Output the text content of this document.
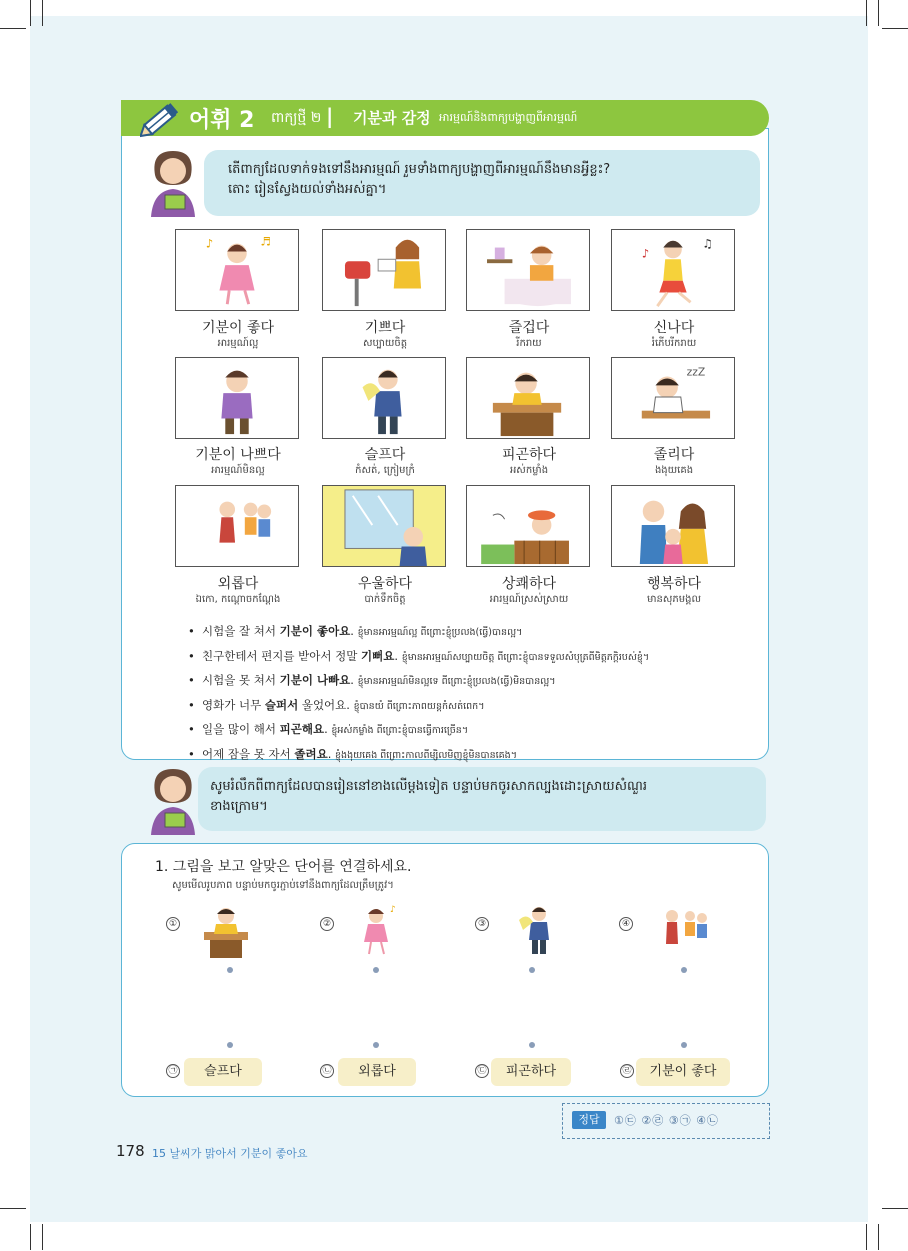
어휘 2 ពាក្យថ្មី ២ | 기분과 감정 អារម្មណ៍និងពាក្យបង្ហាញពីអារម្មណ៍
តើពាក្យដែលទាក់ទងទៅនឹងអារម្មណ៍ រួមទាំងពាក្យបង្ហាញពីអារម្មណ៍នឹងមានអ្វីខ្លះ?
តោះ រៀនស្វែងយល់ទាំងអស់គ្នា។
♪	♬
♪
♫
zzZ
기분이 좋다
អារម្មណ៍ល្អ
기쁘다
សប្បាយចិត្ត
즐겁다
រីករាយ
신나다
រំភើបរីករាយ
기분이 나쁘다
អារម្មណ៍មិនល្អ
슬프다
កំសត់, ក្រៀមក្រំ
피곤하다
អស់កម្លាំង
졸리다
ងងុយគេង
외롭다
ឯកោ, កណ្ដោចកណ្ដែង
우울하다
បាក់ទឹកចិត្ត
상쾌하다
អារម្មណ៍ស្រស់ស្រាយ
행복하다
មានសុភមង្គល
• 시험을 잘 쳐서 기분이 좋아요. ខ្ញុំមានអារម្មណ៍ល្អ ពីព្រោះខ្ញុំប្រលង(ធ្វើ)បានល្អ។
• 친구한테서 편지를 받아서 정말 기뻐요. ខ្ញុំមានអារម្មណ៍សប្បាយចិត្ត ពីព្រោះខ្ញុំបានទទួលសំបុត្រពីមិត្តភក្តិរបស់ខ្ញុំ។
• 시험을 못 쳐서 기분이 나빠요. ខ្ញុំមានអារម្មណ៍មិនល្អទេ ពីព្រោះខ្ញុំប្រលង(ធ្វើ)មិនបានល្អ។
• 영화가 너무 슬퍼서 울었어요. ខ្ញុំបានយំ ពីព្រោះភាពយន្តកំសត់ពេក។
• 일을 많이 해서 피곤해요. ខ្ញុំអស់កម្លាំង ពីព្រោះខ្ញុំបានធ្វើការច្រើន។
• 어제 잠을 못 자서 졸려요. ខ្ញុំងងុយគេង ពីព្រោះកាលពីម្សិលមិញខ្ញុំមិនបានគេង។
សូមរំលឹកពីពាក្យដែលបានរៀននៅខាងលើម្ដងទៀត បន្ទាប់មកចូរសាកល្បងដោះស្រាយសំណួរ
ខាងក្រោម។
1. 그림을 보고 알맞은 단어를 연결하세요.
សូមមើលរូបភាព បន្ទាប់មកចូរភ្ជាប់ទៅនឹងពាក្យដែលត្រឹមត្រូវ។
①	②	③	④
♪
㉠	슬프다	㉡	외롭다	㉢	피곤하다	㉣	기분이 좋다
정답	①㉢ ②㉣ ③㉠ ④㉡
178 15 날씨가 맑아서 기분이 좋아요
